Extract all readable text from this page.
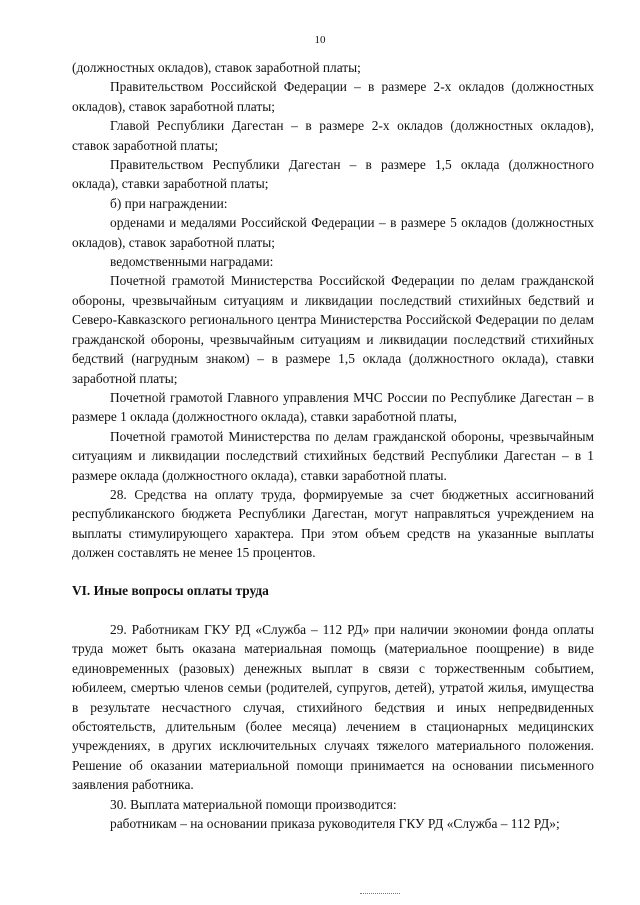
10
(должностных окладов), ставок заработной платы;
Правительством Российской Федерации – в размере 2-х окладов (должностных окладов), ставок заработной платы;
Главой Республики Дагестан – в размере 2-х окладов (должностных окладов), ставок заработной платы;
Правительством Республики Дагестан – в размере 1,5 оклада (должностного оклада), ставки заработной платы;
б) при награждении:
орденами и медалями Российской Федерации – в размере 5 окладов (должностных окладов), ставок заработной платы;
ведомственными наградами:
Почетной грамотой Министерства Российской Федерации по делам гражданской обороны, чрезвычайным ситуациям и ликвидации последствий стихийных бедствий и Северо-Кавказского регионального центра Министерства Российской Федерации по делам гражданской обороны, чрезвычайным ситуациям и ликвидации последствий стихийных бедствий (нагрудным знаком) – в размере 1,5 оклада (должностного оклада), ставки заработной платы;
Почетной грамотой Главного управления МЧС России по Республике Дагестан – в размере 1 оклада (должностного оклада), ставки заработной платы,
Почетной грамотой Министерства по делам гражданской обороны, чрезвычайным ситуациям и ликвидации последствий стихийных бедствий Республики Дагестан – в 1 размере оклада (должностного оклада), ставки заработной платы.
28. Средства на оплату труда, формируемые за счет бюджетных ассигнований республиканского бюджета Республики Дагестан, могут направляться учреждением на выплаты стимулирующего характера. При этом объем средств на указанные выплаты должен составлять не менее 15 процентов.
VI. Иные вопросы оплаты труда
29. Работникам ГКУ РД «Служба – 112 РД» при наличии экономии фонда оплаты труда может быть оказана материальная помощь (материальное поощрение) в виде единовременных (разовых) денежных выплат в связи с торжественным событием, юбилеем, смертью членов семьи (родителей, супругов, детей), утратой жилья, имущества в результате несчастного случая, стихийного бедствия и иных непредвиденных обстоятельств, длительным (более месяца) лечением в стационарных медицинских учреждениях, в других исключительных случаях тяжелого материального положения. Решение об оказании материальной помощи принимается на основании письменного заявления работника.
30. Выплата материальной помощи производится:
работникам – на основании приказа руководителя ГКУ РД «Служба – 112 РД»;
